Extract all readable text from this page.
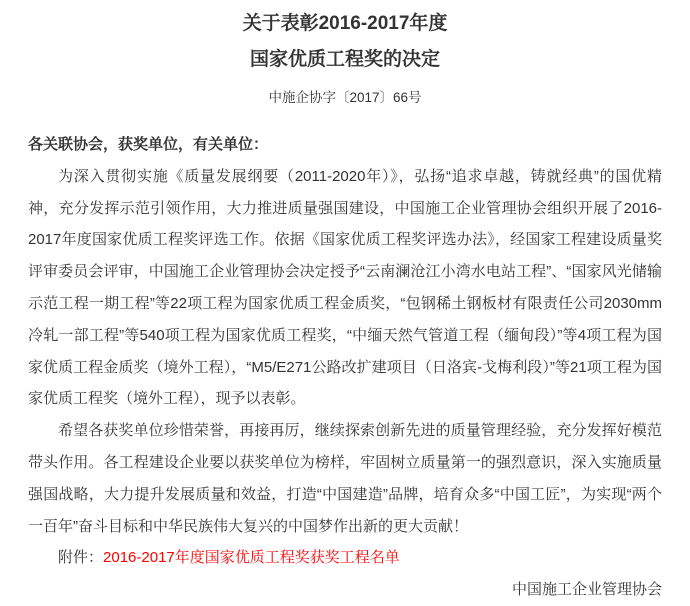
关于表彰2016-2017年度
国家优质工程奖的决定
中施企协字〔2017〕66号

各关联协会，获奖单位，有关单位：

为深入贯彻实施《质量发展纲要（2011-2020年）》，弘扬“追求卓越，铸就经典”的国优精神，充分发挥示范引领作用，大力推进质量强国建设，中国施工企业管理协会组织开展了2016-2017年度国家优质工程奖评选工作。依据《国家优质工程奖评选办法》，经国家工程建设质量奖评审委员会评审，中国施工企业管理协会决定授予“云南澜沧江小湾水电站工程”、“国家风光储输示范工程一期工程”等22项工程为国家优质工程金质奖，“包钢稀土钢板材有限责任公司2030mm冷轧一部工程”等540项工程为国家优质工程奖，“中缅天然气管道工程（缅甸段）”等4项工程为国家优质工程金质奖（境外工程），“M5/E271公路改扩建项目（日洛宾-戈梅利段）”等21项工程为国家优质工程奖（境外工程），现予以表彰。

希望各获奖单位珍惜荣誉，再接再厉，继续探索创新先进的质量管理经验，充分发挥好模范带头作用。各工程建设企业要以获奖单位为榜样，牢固树立质量第一的强烈意识，深入实施质量强国战略，大力提升发展质量和效益，打造“中国建造”品牌，培育众多“中国工匠”，为实现“两个一百年”奋斗目标和中华民族伟大复兴的中国梦作出新的更大贡献！

附件：2016-2017年度国家优质工程奖获奖工程名单

中国施工企业管理协会
